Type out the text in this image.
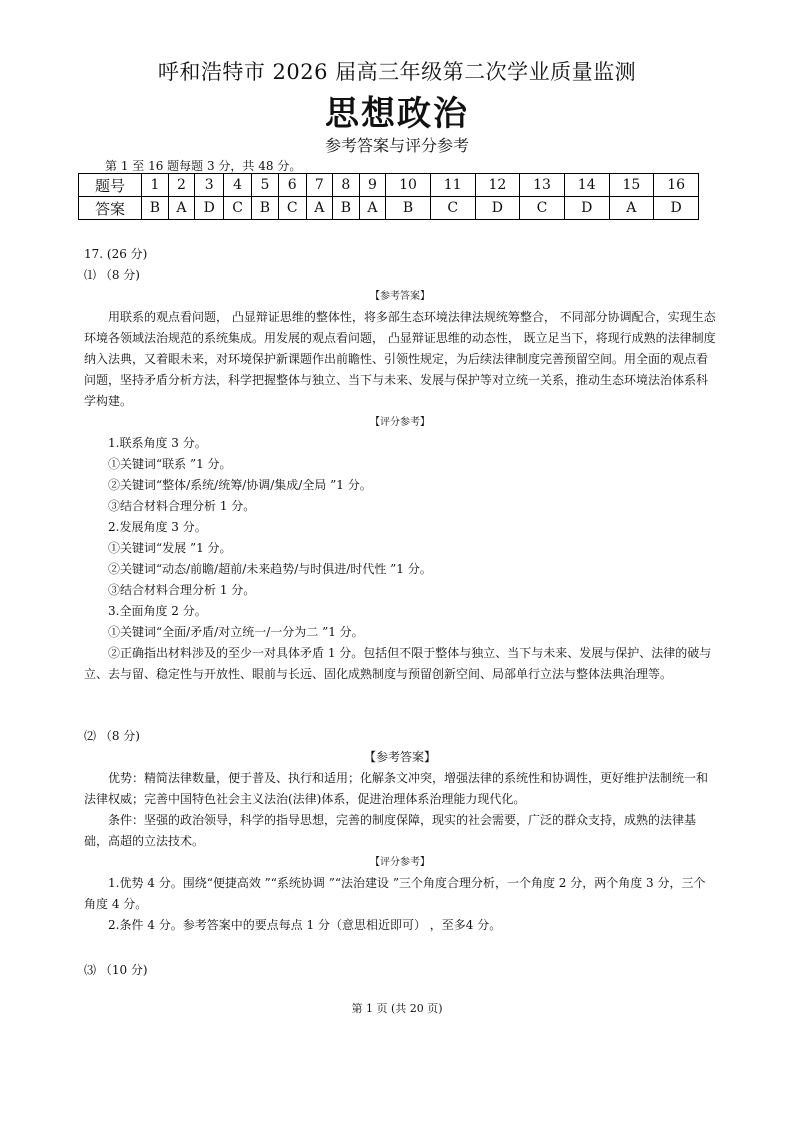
呼和浩特市 2026 届高三年级第二次学业质量监测
思想政治
参考答案与评分参考
第 1 至 16 题每题 3 分，共 48 分。
题号	1	2	3	4	5	6	7	8	9	10	11	12	13	14	15	16
答案	B	A	D	C	B	C	A	B	A	B	C	D	C	D	A	D

17. (26 分)

⑴ （8 分)

【参考答案】

用联系的观点看问题， 凸显辩证思维的整体性，将多部生态环境法律法规统筹整合， 不同部分协调配合，实现生态环境各领域法治规范的系统集成。用发展的观点看问题， 凸显辩证思维的动态性， 既立足当下，将现行成熟的法律制度纳入法典，又着眼未来，对环境保护新课题作出前瞻性、引领性规定，为后续法律制度完善预留空间。用全面的观点看问题，坚持矛盾分析方法，科学把握整体与独立、当下与未来、发展与保护等对立统一关系，推动生态环境法治体系科学构建。

【评分参考】

1.联系角度 3 分。

①关键词“联系 ”1 分。

②关键词“整体/系统/统筹/协调/集成/全局 ”1 分。

③结合材料合理分析 1 分。

2.发展角度 3 分。

①关键词“发展 ”1 分。

②关键词“动态/前瞻/超前/未来趋势/与时俱进/时代性 ”1 分。

③结合材料合理分析 1 分。

3.全面角度 2 分。

①关键词“全面/矛盾/对立统一/一分为二 ”1 分。

②正确指出材料涉及的至少一对具体矛盾 1 分。包括但不限于整体与独立、当下与未来、发展与保护、法律的破与立、去与留、稳定性与开放性、眼前与长远、固化成熟制度与预留创新空间、局部单行立法与整体法典治理等。

⑵ （8 分)

【参考答案】

优势：精简法律数量，便于普及、执行和适用；化解条文冲突，增强法律的系统性和协调性，更好维护法制统一和法律权威；完善中国特色社会主义法治(法律)体系，促进治理体系治理能力现代化。

条件：坚强的政治领导，科学的指导思想，完善的制度保障，现实的社会需要，广泛的群众支持，成熟的法律基础，高超的立法技术。

【评分参考】

1.优势 4 分。围绕“便捷高效 ”“系统协调 ”“法治建设 ”三个角度合理分析，一个角度 2 分，两个角度 3 分，三个角度 4 分。

2.条件 4 分。参考答案中的要点每点 1 分（意思相近即可） ，至多4 分。

⑶ （10 分)
第 1 页 (共 20 页)
